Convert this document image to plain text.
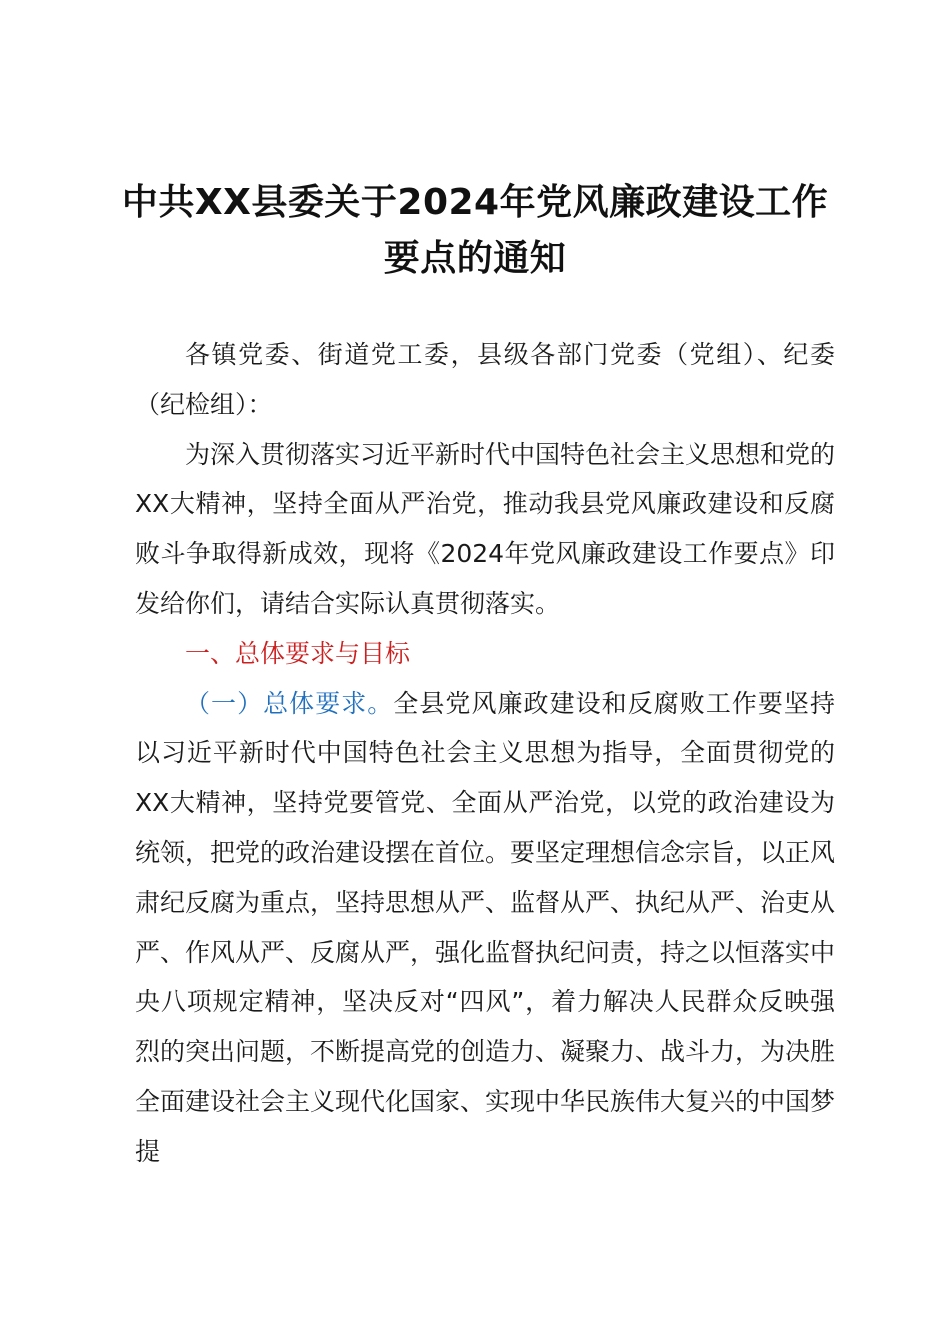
中共XX县委关于2024年党风廉政建设工作
要点的通知

各镇党委、街道党工委，县级各部门党委（党组）、纪委（纪检组）：

为深入贯彻落实习近平新时代中国特色社会主义思想和党的XX大精神，坚持全面从严治党，推动我县党风廉政建设和反腐败斗争取得新成效，现将《2024年党风廉政建设工作要点》印发给你们，请结合实际认真贯彻落实。

一、总体要求与目标

（一）总体要求。全县党风廉政建设和反腐败工作要坚持以习近平新时代中国特色社会主义思想为指导，全面贯彻党的XX大精神，坚持党要管党、全面从严治党，以党的政治建设为统领，把党的政治建设摆在首位。要坚定理想信念宗旨，以正风肃纪反腐为重点，坚持思想从严、监督从严、执纪从严、治吏从严、作风从严、反腐从严，强化监督执纪问责，持之以恒落实中央八项规定精神，坚决反对“四风”，着力解决人民群众反映强烈的突出问题，不断提高党的创造力、凝聚力、战斗力，为决胜全面建设社会主义现代化国家、实现中华民族伟大复兴的中国梦提
